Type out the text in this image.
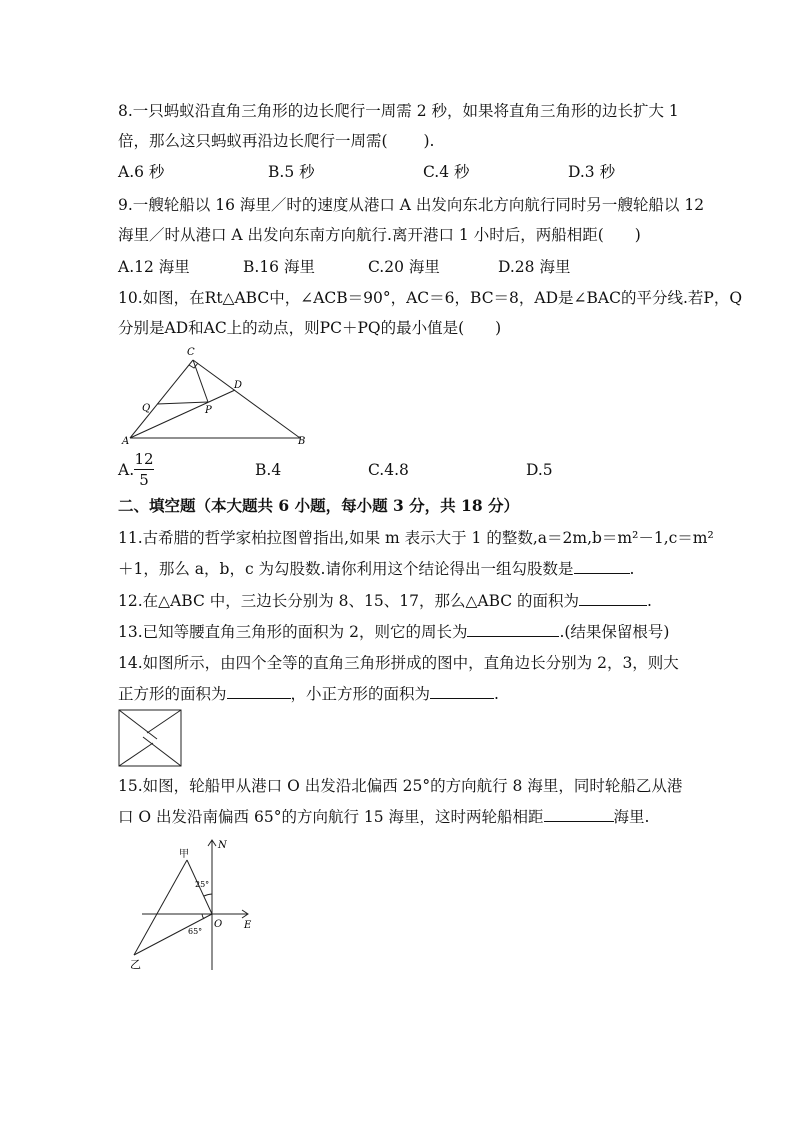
8.一只蚂蚁沿直角三角形的边长爬行一周需 2 秒，如果将直角三角形的边长扩大 1
倍，那么这只蚂蚁再沿边长爬行一周需(　　 ).
A.6 秒	B.5 秒	C.4 秒	D.3 秒
9.一艘轮船以 16 海里／时的速度从港口 A 出发向东北方向航行同时另一艘轮船以 12
海里／时从港口 A 出发向东南方向航行.离开港口 1 小时后，两船相距(　　)
A.12 海里	B.16 海里	C.20 海里	D.28 海里
10.如图，在Rt△ABC中，∠ACB＝90°，AC＝6，BC＝8，AD是∠BAC的平分线.若P，Q
分别是AD和AC上的动点，则PC＋PQ的最小值是(　　)
C
D
Q	P
A	B
A.
12
5
B.4	C.4.8	D.5
二、填空题（本大题共 6 小题，每小题 3 分，共 18 分）
11.古希腊的哲学家柏拉图曾指出,如果 m 表示大于 1 的整数,a＝2m,b＝m²－1,c＝m²
＋1，那么 a，b，c 为勾股数.请你利用这个结论得出一组勾股数是	.
12.在△ABC 中，三边长分别为 8、15、17，那么△ABC 的面积为	.
13.已知等腰直角三角形的面积为 2，则它的周长为	.(结果保留根号)
14.如图所示，由四个全等的直角三角形拼成的图中，直角边长分别为 2，3，则大
正方形的面积为	，小正方形的面积为	.
15.如图，轮船甲从港口 O 出发沿北偏西 25°的方向航行 8 海里，同时轮船乙从港
口 O 出发沿南偏西 65°的方向航行 15 海里，这时两轮船相距	海里.
甲
乙
N
E
O
25°
65°
